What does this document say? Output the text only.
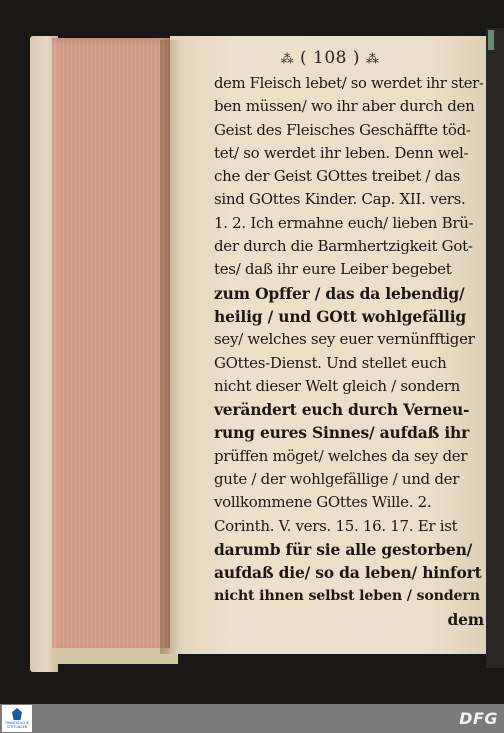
⁂ ( 108 ) ⁂
dem Fleisch lebet/ so werdet ihr ster-
ben müssen/ wo ihr aber durch den
Geist des Fleisches Geschäffte töd-
tet/ so werdet ihr leben. Denn wel-
che der Geist GOttes treibet / das
sind GOttes Kinder. Cap. XII. vers.
1. 2. Ich ermahne euch/ lieben Brü-
der durch die Barmhertzigkeit Got-
tes/ daß ihr eure Leiber begebet
zum Opffer / das da lebendig/
heilig / und GOtt wohlgefällig
sey/ welches sey euer vernünfftiger
GOttes-Dienst. Und stellet euch
nicht dieser Welt gleich / sondern
verändert euch durch Verneu-
rung eures Sinnes/ aufdaß ihr
prüffen möget/ welches da sey der
gute / der wohlgefällige / und der
vollkommene GOttes Wille. 2.
Corinth. V. vers. 15. 16. 17. Er ist
darumb für sie alle gestorben/
aufdaß die/ so da leben/ hinfort
nicht ihnen selbst leben / sondern
dem
FRANCKESCHE STIFTUNGEN	DFG
